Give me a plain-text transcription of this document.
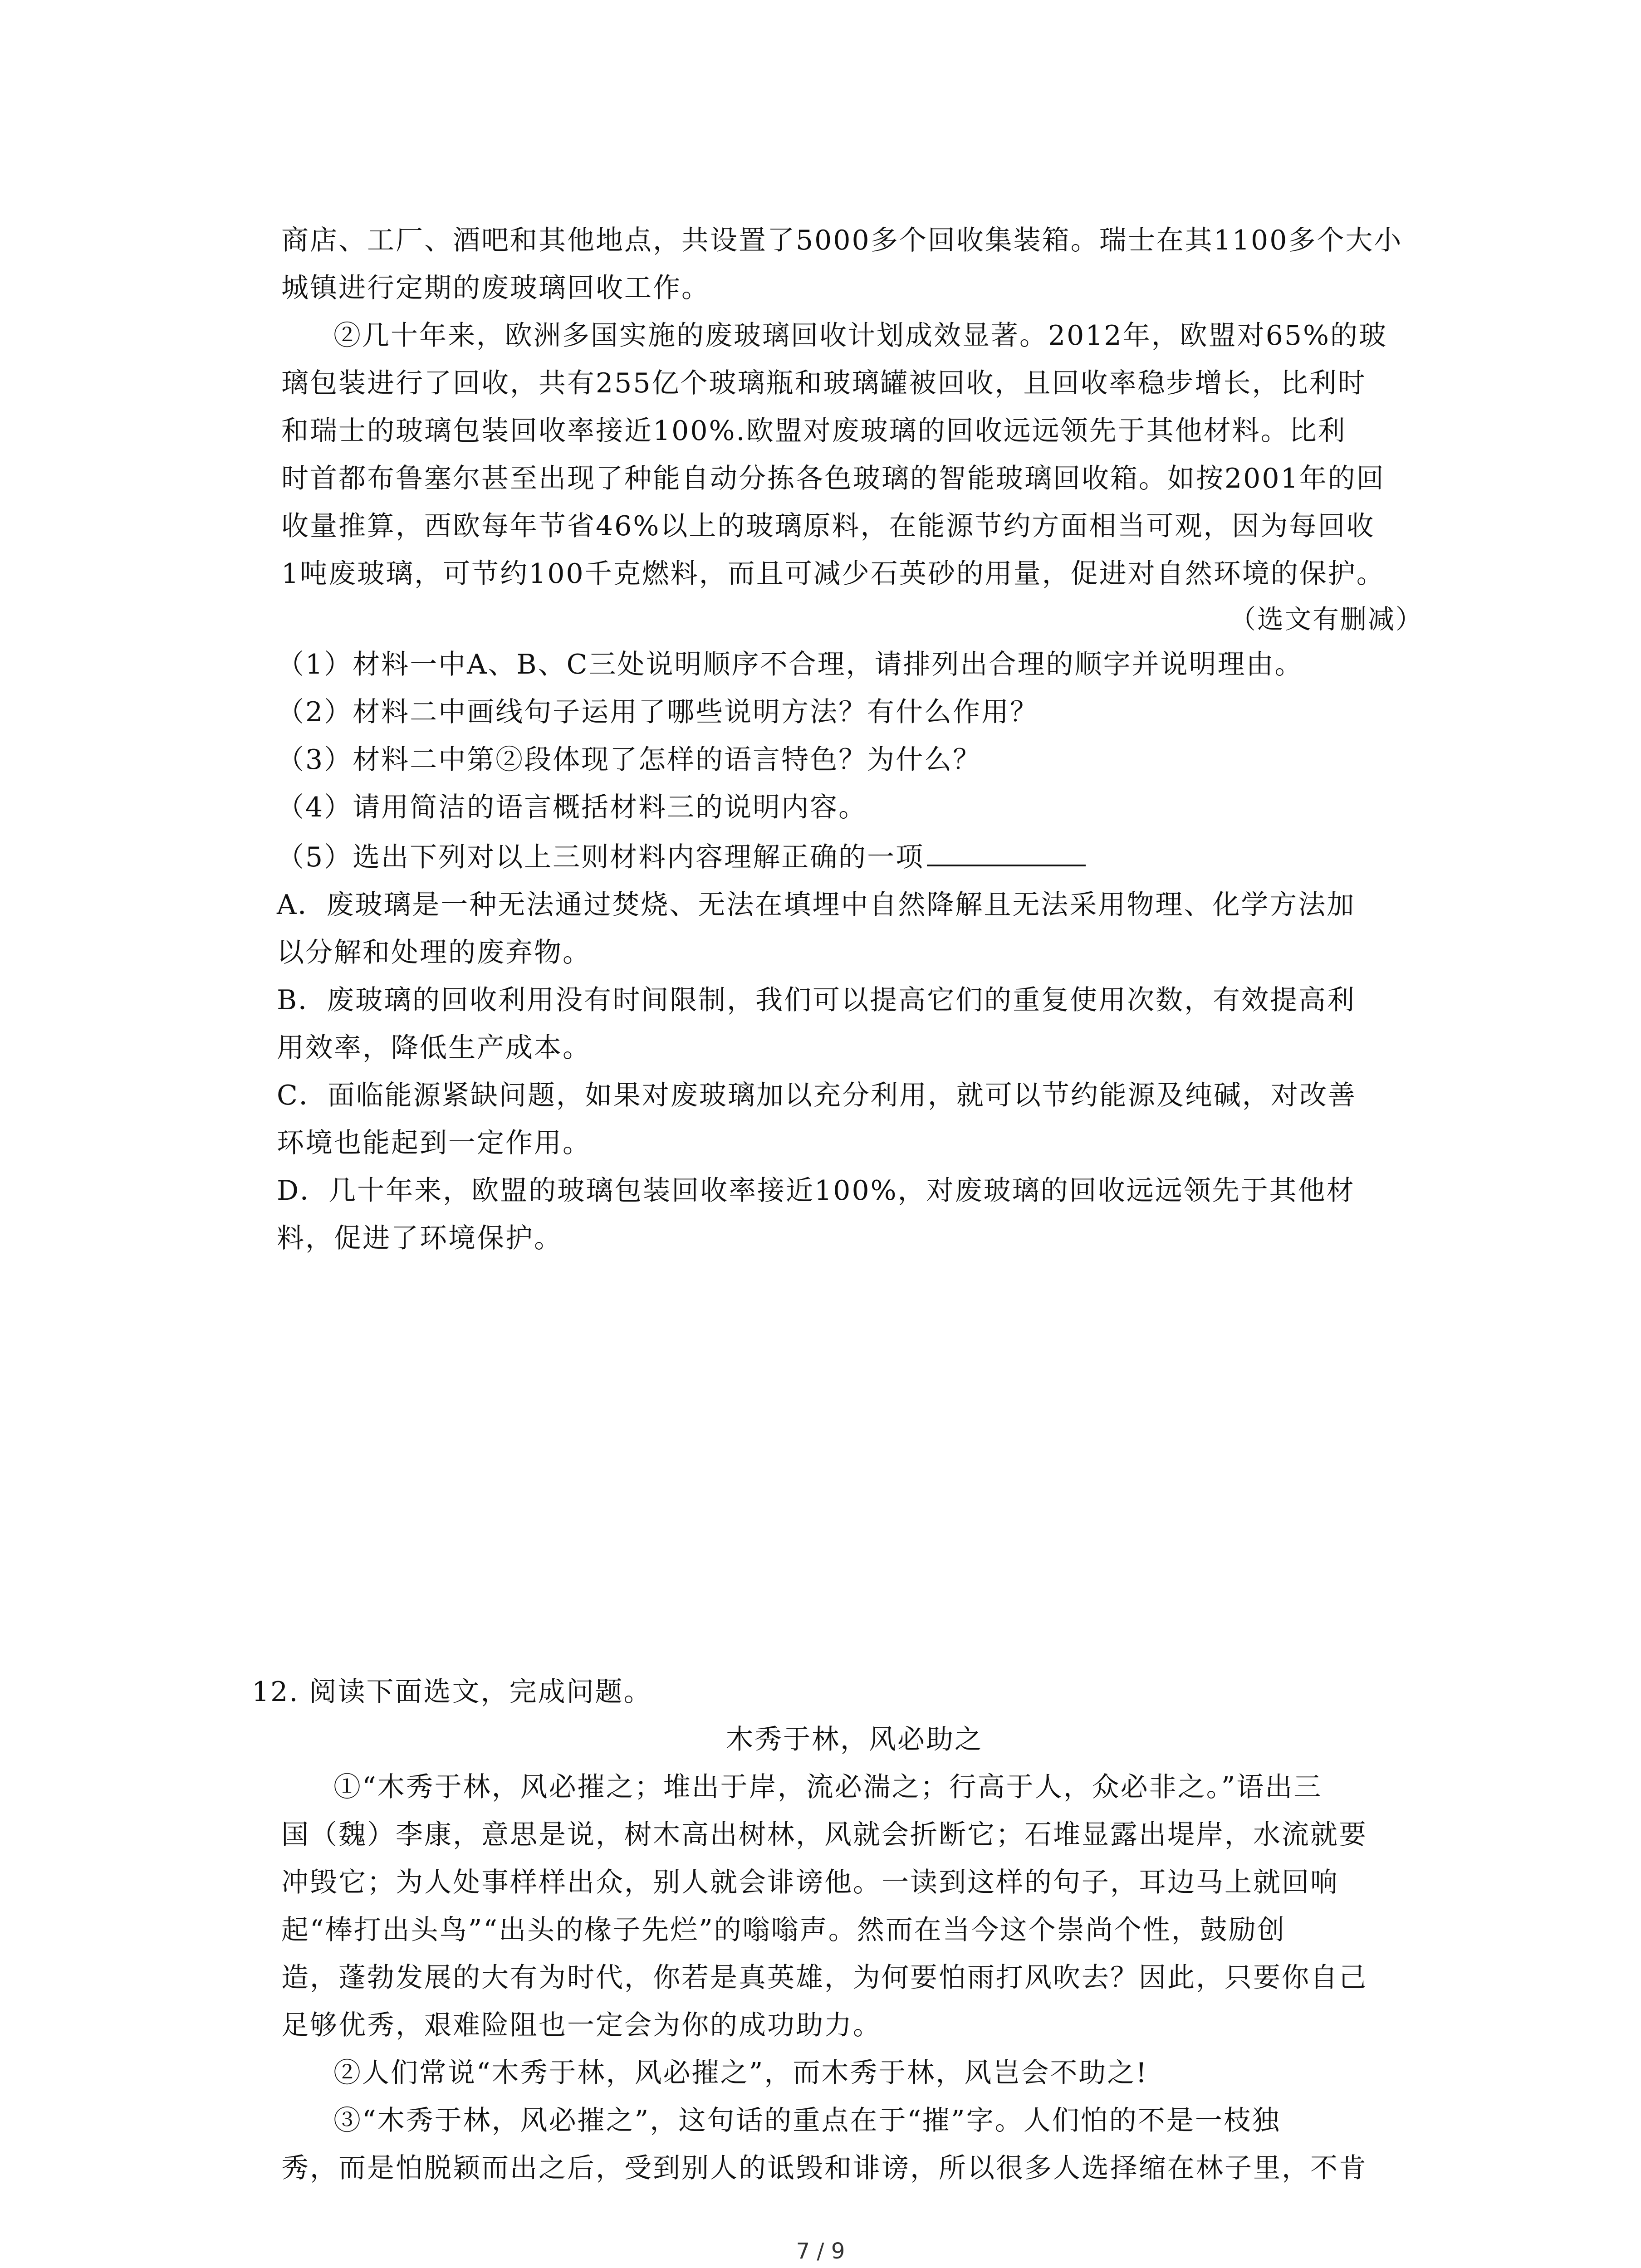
商店、工厂、酒吧和其他地点，共设置了5000多个回收集装箱。瑞士在其1100多个大小
城镇进行定期的废玻璃回收工作。
②几十年来，欧洲多国实施的废玻璃回收计划成效显著。2012年，欧盟对65%的玻
璃包装进行了回收，共有255亿个玻璃瓶和玻璃罐被回收，且回收率稳步增长，比利时
和瑞士的玻璃包装回收率接近100%.欧盟对废玻璃的回收远远领先于其他材料。比利
时首都布鲁塞尔甚至出现了种能自动分拣各色玻璃的智能玻璃回收箱。如按2001年的回
收量推算，西欧每年节省46%以上的玻璃原料，在能源节约方面相当可观，因为每回收
1吨废玻璃，可节约100千克燃料，而且可减少石英砂的用量，促进对自然环境的保护。
（选文有删减）
（1）材料一中A、B、C三处说明顺序不合理，请排列出合理的顺字并说明理由。
（2）材料二中画线句子运用了哪些说明方法？有什么作用？
（3）材料二中第②段体现了怎样的语言特色？为什么？
（4）请用简洁的语言概括材料三的说明内容。
（5）选出下列对以上三则材料内容理解正确的一项
A．废玻璃是一种无法通过焚烧、无法在填埋中自然降解且无法采用物理、化学方法加
以分解和处理的废弃物。
B．废玻璃的回收利用没有时间限制，我们可以提高它们的重复使用次数，有效提高利
用效率，降低生产成本。
C．面临能源紧缺问题，如果对废玻璃加以充分利用，就可以节约能源及纯碱，对改善
环境也能起到一定作用。
D．几十年来，欧盟的玻璃包装回收率接近100%，对废玻璃的回收远远领先于其他材
料，促进了环境保护。
12. 阅读下面选文，完成问题。
木秀于林，风必助之
①“木秀于林，风必摧之；堆出于岸，流必湍之；行高于人，众必非之。”语出三
国（魏）李康，意思是说，树木高出树林，风就会折断它；石堆显露出堤岸，水流就要
冲毁它；为人处事样样出众，别人就会诽谤他。一读到这样的句子，耳边马上就回响
起“棒打出头鸟”“出头的椽子先烂”的嗡嗡声。然而在当今这个崇尚个性，鼓励创
造，蓬勃发展的大有为时代，你若是真英雄，为何要怕雨打风吹去？因此，只要你自己
足够优秀，艰难险阻也一定会为你的成功助力。
②人们常说“木秀于林，风必摧之”，而木秀于林，风岂会不助之!
③“木秀于林，风必摧之”，这句话的重点在于“摧”字。人们怕的不是一枝独
秀，而是怕脱颖而出之后，受到别人的诋毁和诽谤，所以很多人选择缩在林子里，不肯
7 / 9
